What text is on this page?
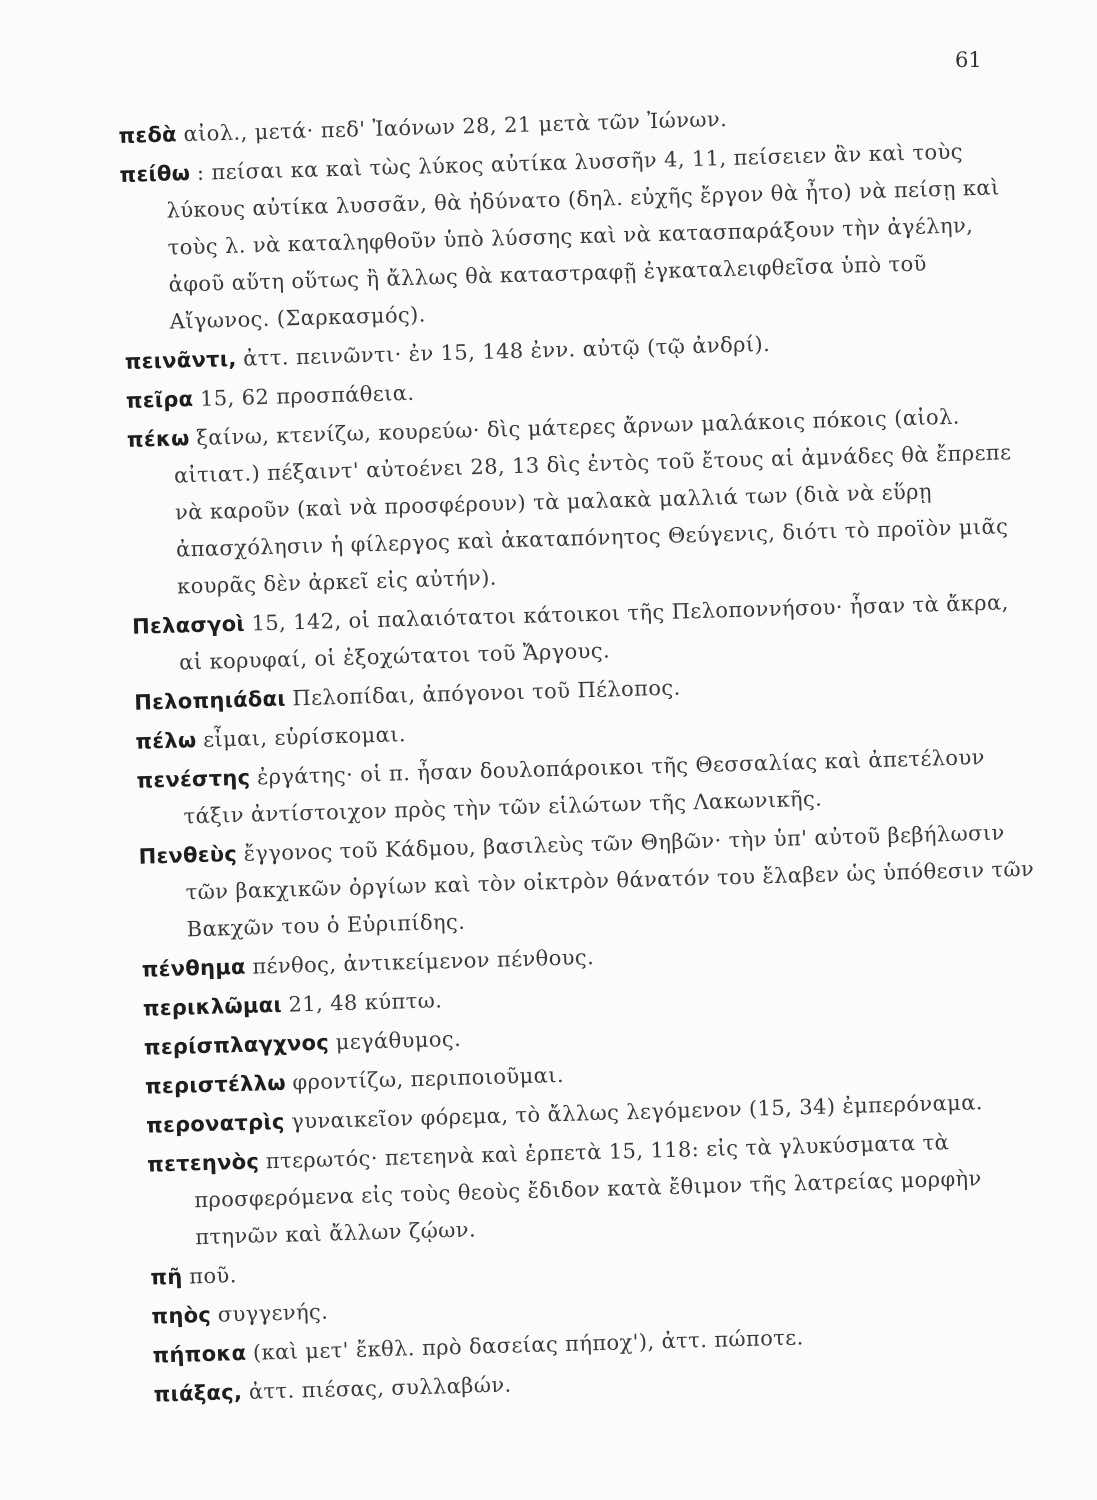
61

πεδὰ αἰολ., μετά· πεδ' Ἰαόνων 28, 21 μετὰ τῶν Ἰώνων.

πείθω : πείσαι κα καὶ τὼς λύκος αὐτίκα λυσσῆν 4, 11, πείσειεν ἂν καὶ τοὺς λύκους αὐτίκα λυσσᾶν, θὰ ἠδύνατο (δηλ. εὐχῆς ἔργον θὰ ἦτο) νὰ πείσῃ καὶ τοὺς λ. νὰ καταληφθοῦν ὑπὸ λύσσης καὶ νὰ κατασπαράξουν τὴν ἀγέλην, ἀφοῦ αὕτη οὕτως ἢ ἄλλως θὰ καταστραφῇ ἐγκαταλειφθεῖσα ὑπὸ τοῦ Αἴγωνος. (Σαρκασμός).

πεινᾶντι, ἀττ. πεινῶντι· ἐν 15, 148 ἐνν. αὐτῷ (τῷ ἀνδρί).

πεῖρα 15, 62 προσπάθεια.

πέκω ξαίνω, κτενίζω, κουρεύω· δὶς μάτερες ἄρνων μαλάκοις πόκοις (αἰολ. αἰτιατ.) πέξαιντ' αὐτοένει 28, 13 δὶς ἐντὸς τοῦ ἔτους αἱ ἀμνάδες θὰ ἔπρεπε νὰ καροῦν (καὶ νὰ προσφέρουν) τὰ μαλακὰ μαλλιά των (διὰ νὰ εὕρῃ ἀπασχόλησιν ἡ φίλεργος καὶ ἀκαταπόνητος Θεύγενις, διότι τὸ προϊὸν μιᾶς κουρᾶς δὲν ἀρκεῖ εἰς αὐτήν).

Πελασγοὶ 15, 142, οἱ παλαιότατοι κάτοικοι τῆς Πελοποννήσου· ἦσαν τὰ ἄκρα, αἱ κορυφαί, οἱ ἐξοχώτατοι τοῦ Ἄργους.

Πελοπηιάδαι Πελοπίδαι, ἀπόγονοι τοῦ Πέλοπος.

πέλω εἶμαι, εὑρίσκομαι.

πενέστης ἐργάτης· οἱ π. ἦσαν δουλοπάροικοι τῆς Θεσσαλίας καὶ ἀπετέλουν τάξιν ἀντίστοιχον πρὸς τὴν τῶν εἱλώτων τῆς Λακωνικῆς.

Πενθεὺς ἔγγονος τοῦ Κάδμου, βασιλεὺς τῶν Θηβῶν· τὴν ὑπ' αὐτοῦ βεβήλωσιν τῶν βακχικῶν ὀργίων καὶ τὸν οἰκτρὸν θάνατόν του ἔλαβεν ὡς ὑπόθεσιν τῶν Βακχῶν του ὁ Εὐριπίδης.

πένθημα πένθος, ἀντικείμενον πένθους.

περικλῶμαι 21, 48 κύπτω.

περίσπλαγχνος μεγάθυμος.

περιστέλλω φροντίζω, περιποιοῦμαι.

περονατρὶς γυναικεῖον φόρεμα, τὸ ἄλλως λεγόμενον (15, 34) ἐμπερόναμα.

πετεηνὸς πτερωτός· πετεηνὰ καὶ ἑρπετὰ 15, 118: εἰς τὰ γλυκύσματα τὰ προσφερόμενα εἰς τοὺς θεοὺς ἔδιδον κατὰ ἔθιμον τῆς λατρείας μορφὴν πτηνῶν καὶ ἄλλων ζῴων.

πῆ ποῦ.

πηὸς συγγενής.

πήποκα (καὶ μετ' ἔκθλ. πρὸ δασείας πήποχ'), ἀττ. πώποτε.

πιάξας, ἀττ. πιέσας, συλλαβών.
